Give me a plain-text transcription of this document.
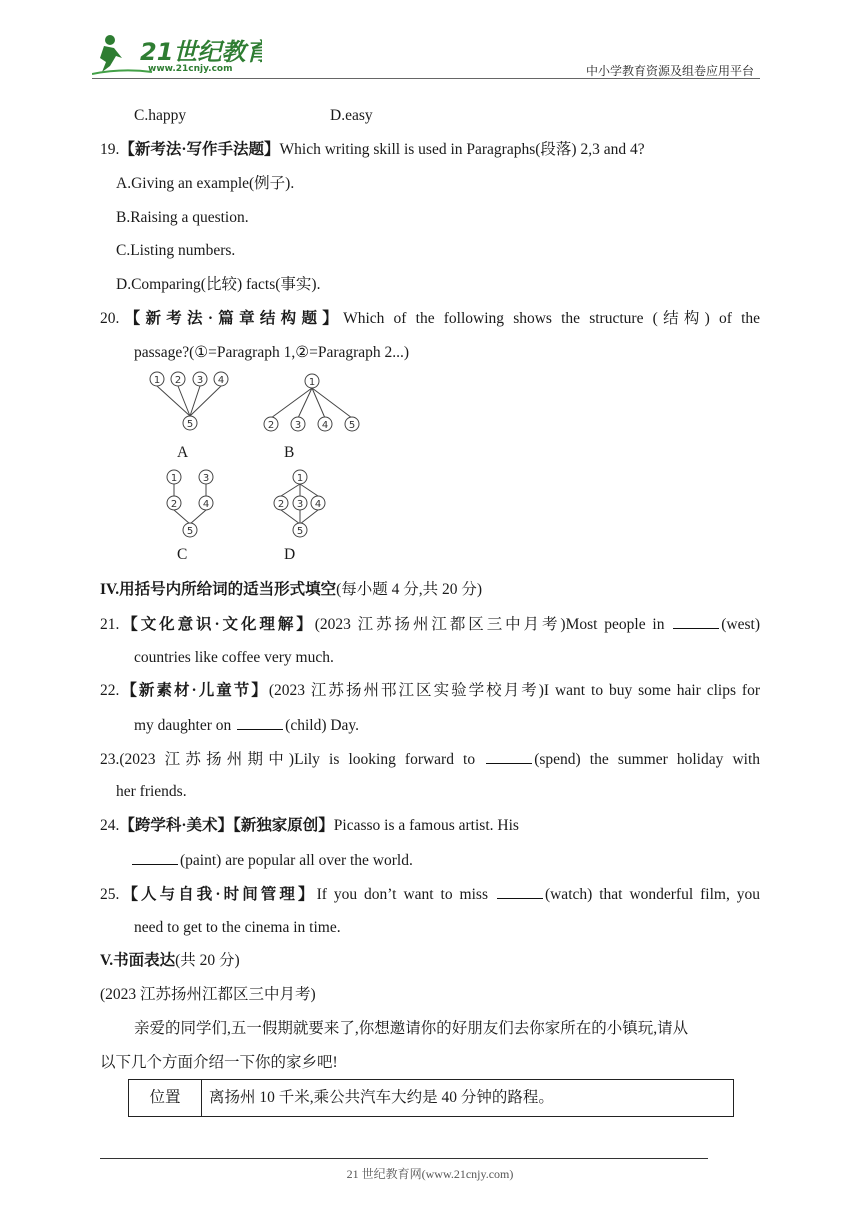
21世纪教育
www.21cnjy.com	中小学教育资源及组卷应用平台
C.happy	D.easy
19.【新考法·写作手法题】Which writing skill is used in Paragraphs(段落) 2,3 and 4?
A.Giving an example(例子).
B.Raising a question.
C.Listing numbers.
D.Comparing(比较) facts(事实).
20.【新考法·篇章结构题】Which of the following shows the structure (结构) of the
passage?(①=Paragraph 1,②=Paragraph 2...)
1 2 3 4
5
A
1
2 3 4 5
B
1	3
2	4
5
C
1
2 3 4
5
D
IV.用括号内所给词的适当形式填空(每小题 4 分,共 20 分)
21.【文化意识·文化理解】(2023 江苏扬州江都区三中月考)Most people in	(west)
countries like coffee very much.
22.【新素材·儿童节】(2023 江苏扬州邗江区实验学校月考)I want to buy some hair clips for
my daughter on	(child) Day.
23.(2023 江苏扬州期中)Lily is looking forward to	(spend) the summer holiday with
her friends.
24.【跨学科·美术】【新独家原创】Picasso is a famous artist. His
(paint) are popular all over the world.
25.【人与自我·时间管理】If you don’t want to miss	(watch) that wonderful film, you
need to get to the cinema in time.
V.书面表达(共 20 分)
(2023 江苏扬州江都区三中月考)
亲爱的同学们,五一假期就要来了,你想邀请你的好朋友们去你家所在的小镇玩,请从
以下几个方面介绍一下你的家乡吧!
位置	离扬州 10 千米,乘公共汽车大约是 40 分钟的路程。
21 世纪教育网(www.21cnjy.com)
